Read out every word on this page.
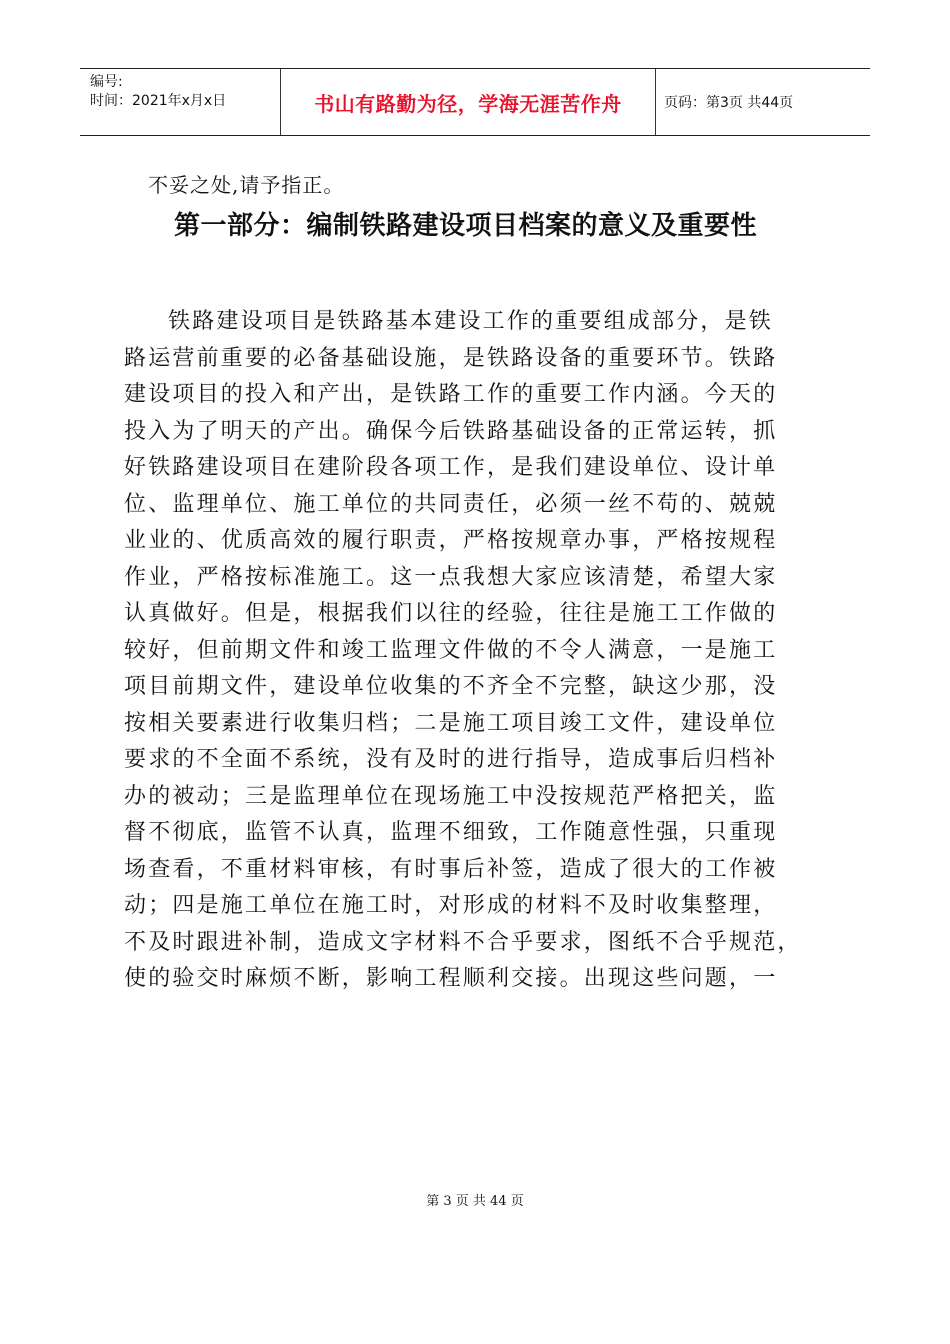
编号:
时间：2021年x月x日	书山有路勤为径，学海无涯苦作舟	页码：第3页 共44页
不妥之处,请予指正。
第一部分：编制铁路建设项目档案的意义及重要性
铁路建设项目是铁路基本建设工作的重要组成部分，是铁
路运营前重要的必备基础设施，是铁路设备的重要环节。铁路
建设项目的投入和产出，是铁路工作的重要工作内涵。今天的
投入为了明天的产出。确保今后铁路基础设备的正常运转，抓
好铁路建设项目在建阶段各项工作，是我们建设单位、设计单
位、监理单位、施工单位的共同责任，必须一丝不苟的、兢兢
业业的、优质高效的履行职责，严格按规章办事，严格按规程
作业，严格按标准施工。这一点我想大家应该清楚，希望大家
认真做好。但是，根据我们以往的经验，往往是施工工作做的
较好，但前期文件和竣工监理文件做的不令人满意，一是施工
项目前期文件，建设单位收集的不齐全不完整，缺这少那，没
按相关要素进行收集归档；二是施工项目竣工文件，建设单位
要求的不全面不系统，没有及时的进行指导，造成事后归档补
办的被动；三是监理单位在现场施工中没按规范严格把关，监
督不彻底，监管不认真，监理不细致，工作随意性强，只重现
场查看，不重材料审核，有时事后补签，造成了很大的工作被
动；四是施工单位在施工时，对形成的材料不及时收集整理，
不及时跟进补制，造成文字材料不合乎要求，图纸不合乎规范，
使的验交时麻烦不断，影响工程顺利交接。出现这些问题，一
第 3 页 共 44 页
